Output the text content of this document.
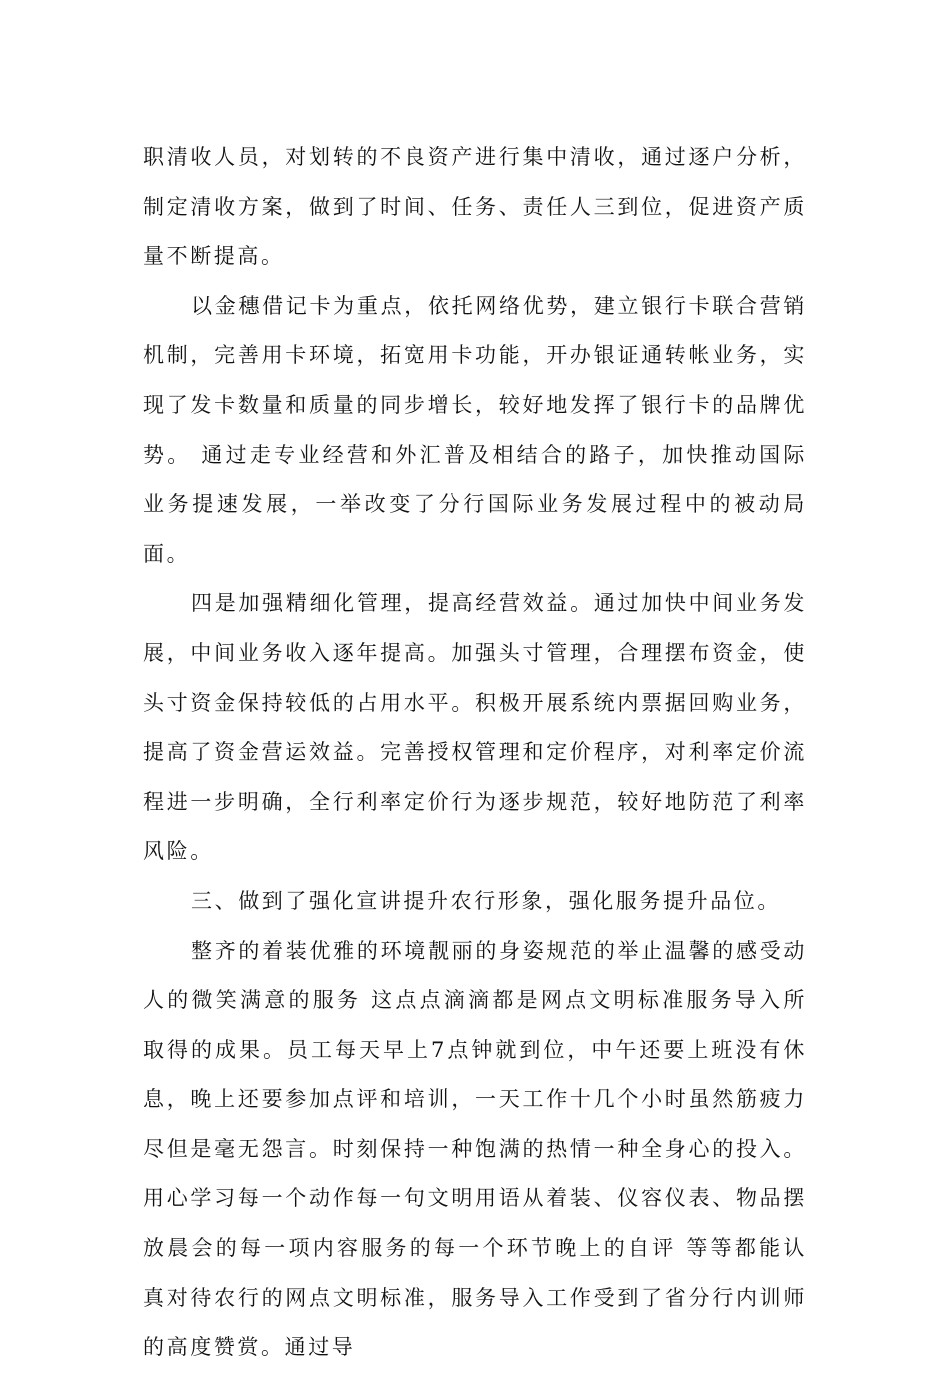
职清收人员，对划转的不良资产进行集中清收，通过逐户分析，制定清收方案，做到了时间、任务、责任人三到位，促进资产质量不断提高。

以金穗借记卡为重点，依托网络优势，建立银行卡联合营销机制，完善用卡环境，拓宽用卡功能，开办银证通转帐业务，实现了发卡数量和质量的同步增长，较好地发挥了银行卡的品牌优势。 通过走专业经营和外汇普及相结合的路子，加快推动国际业务提速发展，一举改变了分行国际业务发展过程中的被动局面。

四是加强精细化管理，提高经营效益。通过加快中间业务发展，中间业务收入逐年提高。加强头寸管理，合理摆布资金，使头寸资金保持较低的占用水平。积极开展系统内票据回购业务，提高了资金营运效益。完善授权管理和定价程序，对利率定价流程进一步明确，全行利率定价行为逐步规范，较好地防范了利率风险。

三、做到了强化宣讲提升农行形象，强化服务提升品位。

整齐的着装优雅的环境靓丽的身姿规范的举止温馨的感受动人的微笑满意的服务 这点点滴滴都是网点文明标准服务导入所取得的成果。员工每天早上7点钟就到位，中午还要上班没有休息，晚上还要参加点评和培训，一天工作十几个小时虽然筋疲力尽但是毫无怨言。时刻保持一种饱满的热情一种全身心的投入。用心学习每一个动作每一句文明用语从着装、仪容仪表、物品摆放晨会的每一项内容服务的每一个环节晚上的自评 等等都能认真对待农行的网点文明标准，服务导入工作受到了省分行内训师的高度赞赏。通过导
